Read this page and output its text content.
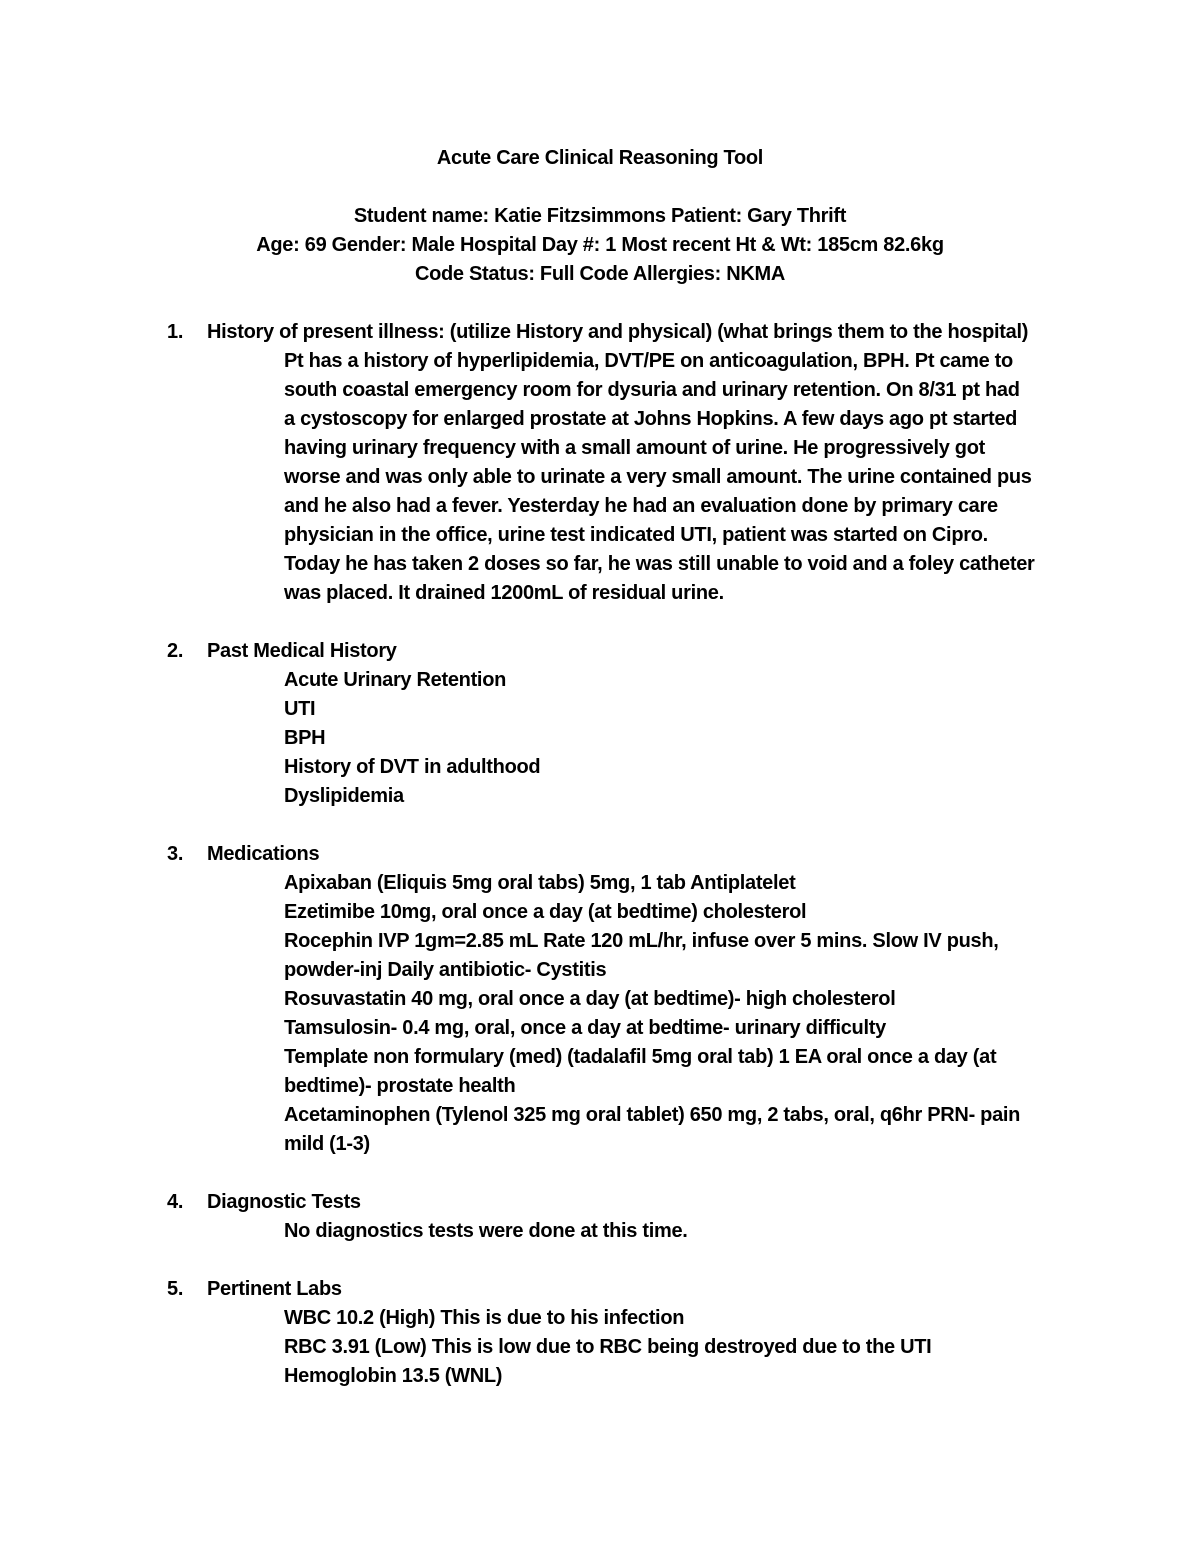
Acute Care Clinical Reasoning Tool
Student name: Katie Fitzsimmons Patient: Gary Thrift
Age: 69 Gender: Male Hospital Day #: 1 Most recent Ht & Wt: 185cm 82.6kg
Code Status: Full Code Allergies: NKMA
1.	History of present illness: (utilize History and physical) (what brings them to the hospital)
Pt has a history of hyperlipidemia, DVT/PE on anticoagulation, BPH. Pt came to
south coastal emergency room for dysuria and urinary retention. On 8/31 pt had
a cystoscopy for enlarged prostate at Johns Hopkins. A few days ago pt started
having urinary frequency with a small amount of urine. He progressively got
worse and was only able to urinate a very small amount. The urine contained pus
and he also had a fever. Yesterday he had an evaluation done by primary care
physician in the office, urine test indicated UTI, patient was started on Cipro.
Today he has taken 2 doses so far, he was still unable to void and a foley catheter
was placed. It drained 1200mL of residual urine.
2.	Past Medical History
Acute Urinary Retention
UTI
BPH
History of DVT in adulthood
Dyslipidemia
3.	Medications
Apixaban (Eliquis 5mg oral tabs) 5mg, 1 tab Antiplatelet
Ezetimibe 10mg, oral once a day (at bedtime) cholesterol
Rocephin IVP 1gm=2.85 mL Rate 120 mL/hr, infuse over 5 mins. Slow IV push,
powder-inj Daily antibiotic- Cystitis
Rosuvastatin 40 mg, oral once a day (at bedtime)- high cholesterol
Tamsulosin- 0.4 mg, oral, once a day at bedtime- urinary difficulty
Template non formulary (med) (tadalafil 5mg oral tab) 1 EA oral once a day (at
bedtime)- prostate health
Acetaminophen (Tylenol 325 mg oral tablet) 650 mg, 2 tabs, oral, q6hr PRN- pain
mild (1-3)
4.	Diagnostic Tests
No diagnostics tests were done at this time.
5.	Pertinent Labs
WBC 10.2 (High) This is due to his infection
RBC 3.91 (Low) This is low due to RBC being destroyed due to the UTI
Hemoglobin 13.5 (WNL)
